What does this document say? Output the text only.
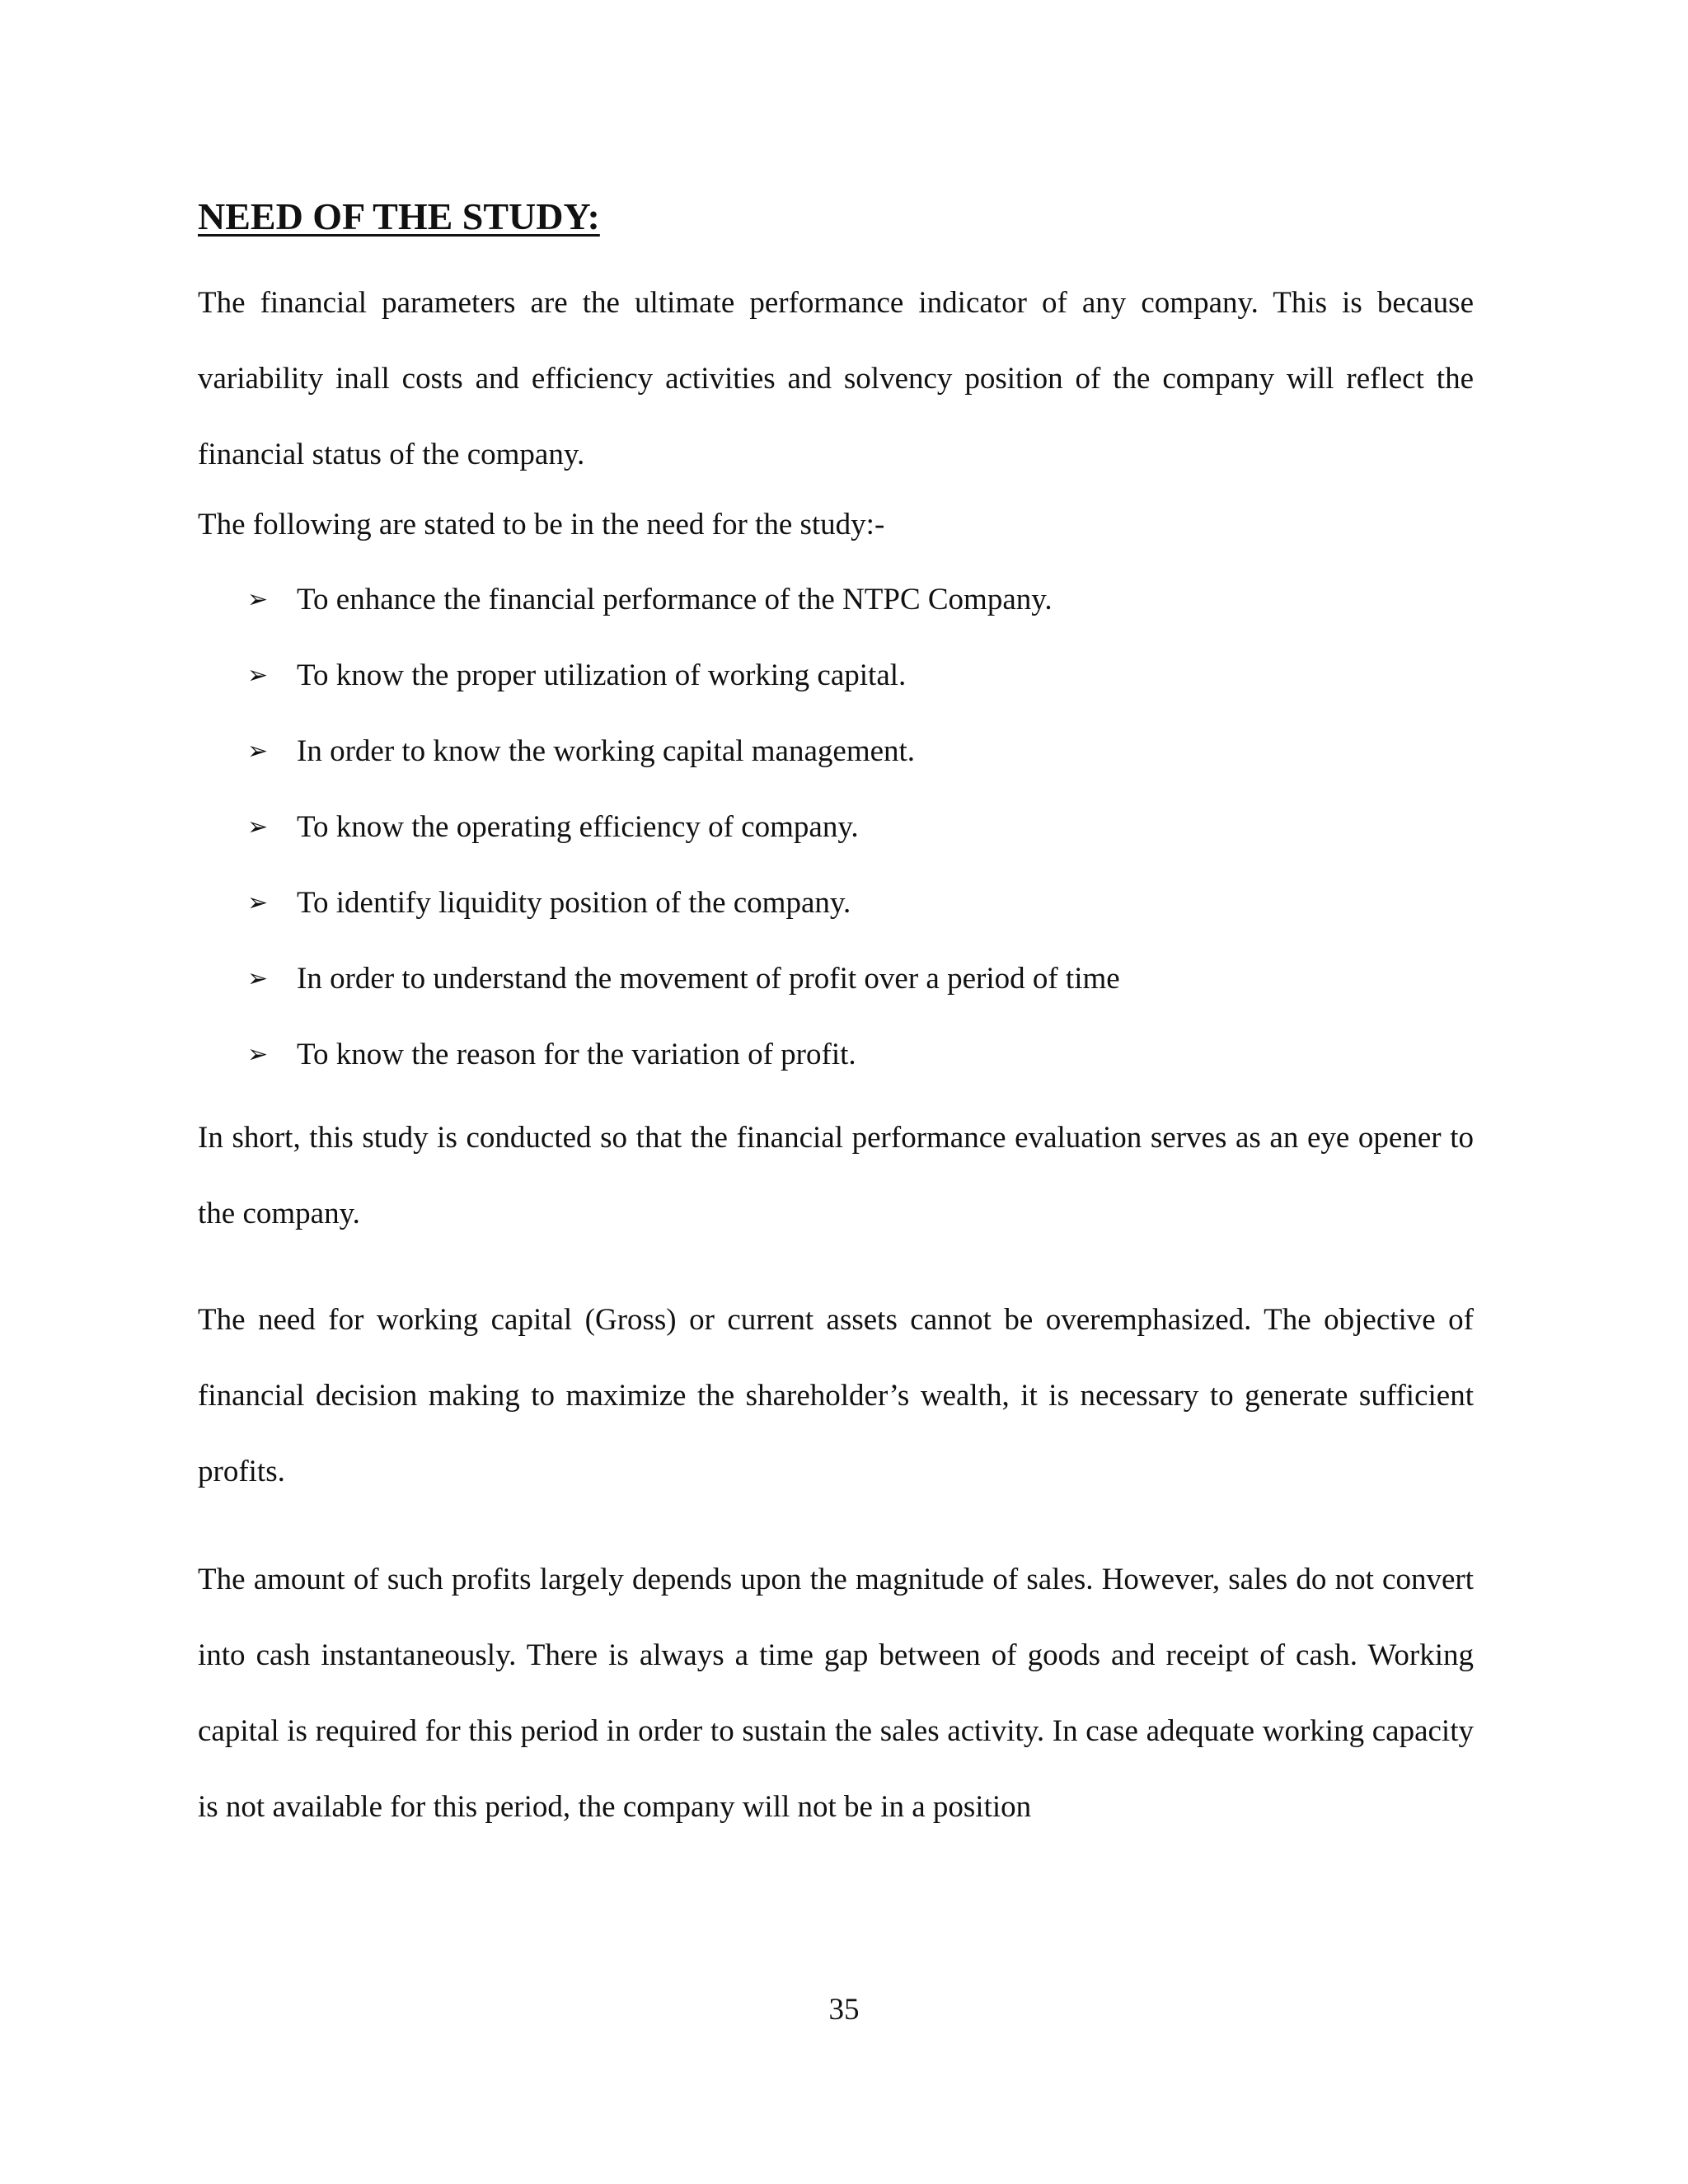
NEED OF THE STUDY:

The financial parameters are the ultimate performance indicator of any company. This is because variability inall costs and efficiency activities and solvency position of the company will reflect the financial status of the company.

The following are stated to be in the need for the study:-

➢ To enhance the financial performance of the NTPC Company.
➢ To know the proper utilization of working capital.
➢ In order to know the working capital management.
➢ To know the operating efficiency of company.
➢ To identify liquidity position of the company.
➢ In order to understand the movement of profit over a period of time
➢ To know the reason for the variation of profit.

In short, this study is conducted so that the financial performance evaluation serves as an eye opener to the company.

The need for working capital (Gross) or current assets cannot be overemphasized. The objective of financial decision making to maximize the shareholder’s wealth, it is necessary to generate sufficient profits.

The amount of such profits largely depends upon the magnitude of sales. However, sales do not convert into cash instantaneously. There is always a time gap between of goods and receipt of cash. Working capital is required for this period in order to sustain the sales activity. In case adequate working capacity is not available for this period, the company will not be in a position

35
